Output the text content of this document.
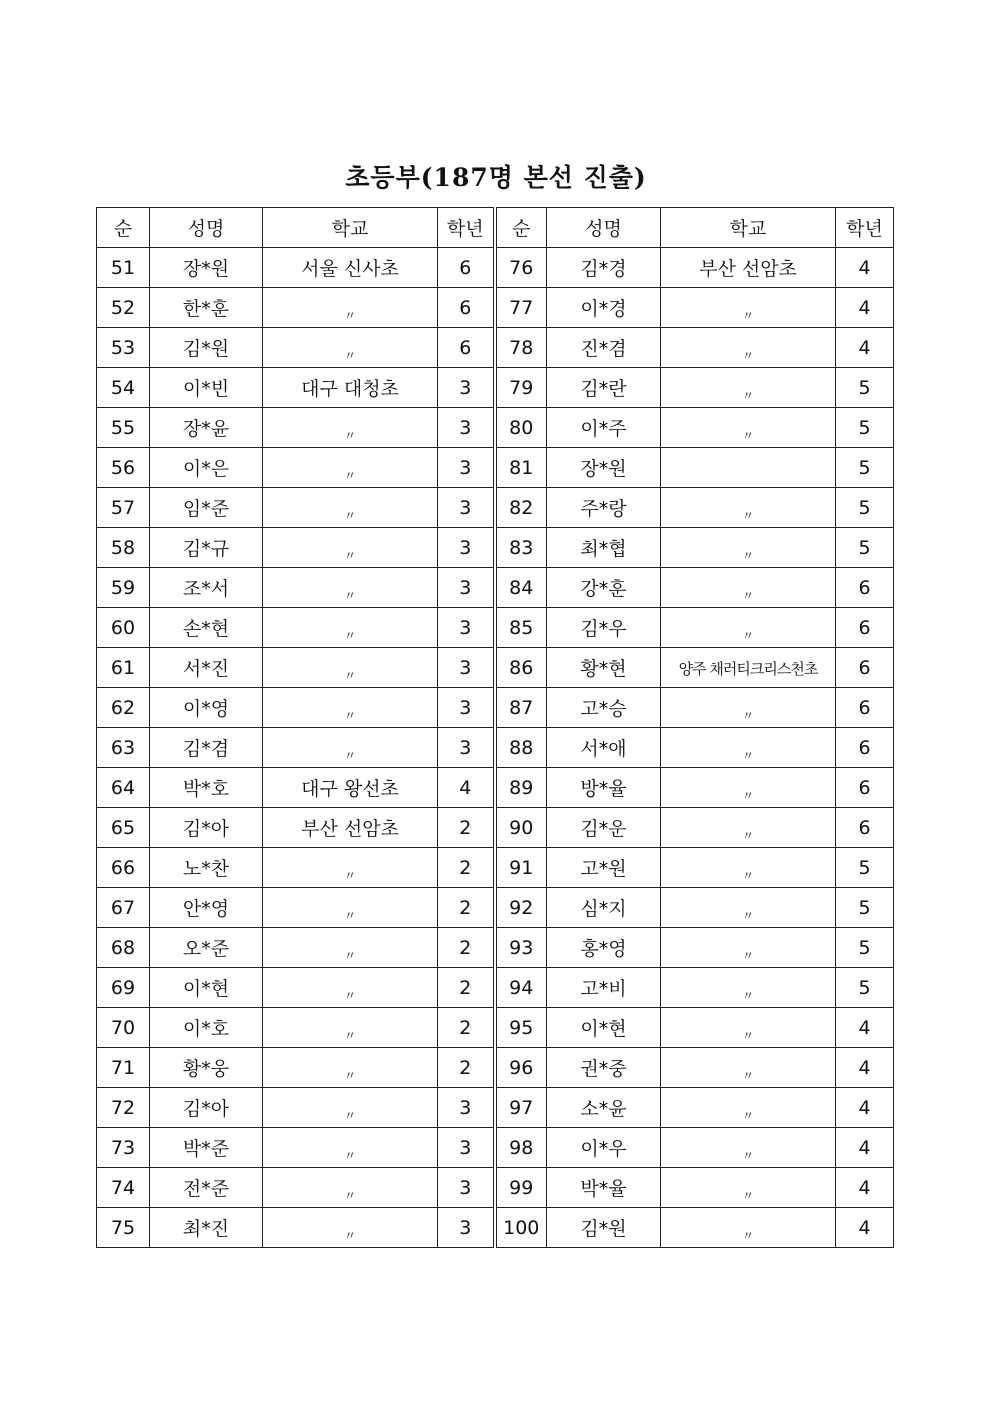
초등부(187명 본선 진출)
순	성명	학교	학년	순	성명	학교	학년
51	장*원	서울 신사초	6	76	김*경	부산 선암초	4
52	한*훈	$_〃$	6	77	이*경	$_〃$	4
53	김*원	$_〃$	6	78	진*겸	$_〃$	4
54	이*빈	대구 대청초	3	79	김*란	$_〃$	5
55	장*윤	$_〃$	3	80	이*주	$_〃$	5
56	이*은	$_〃$	3	81	장*원		5
57	임*준	$_〃$	3	82	주*랑	$_〃$	5
58	김*규	$_〃$	3	83	최*협	$_〃$	5
59	조*서	$_〃$	3	84	강*훈	$_〃$	6
60	손*현	$_〃$	3	85	김*우	$_〃$	6
61	서*진	$_〃$	3	86	황*현	양주 채러티크리스천초	6
62	이*영	$_〃$	3	87	고*승	$_〃$	6
63	김*겸	$_〃$	3	88	서*애	$_〃$	6
64	박*호	대구 왕선초	4	89	방*율	$_〃$	6
65	김*아	부산 선암초	2	90	김*운	$_〃$	6
66	노*찬	$_〃$	2	91	고*원	$_〃$	5
67	안*영	$_〃$	2	92	심*지	$_〃$	5
68	오*준	$_〃$	2	93	홍*영	$_〃$	5
69	이*현	$_〃$	2	94	고*비	$_〃$	5
70	이*호	$_〃$	2	95	이*현	$_〃$	4
71	황*웅	$_〃$	2	96	권*중	$_〃$	4
72	김*아	$_〃$	3	97	소*윤	$_〃$	4
73	박*준	$_〃$	3	98	이*우	$_〃$	4
74	전*준	$_〃$	3	99	박*율	$_〃$	4
75	최*진	$_〃$	3	100	김*원	$_〃$	4
